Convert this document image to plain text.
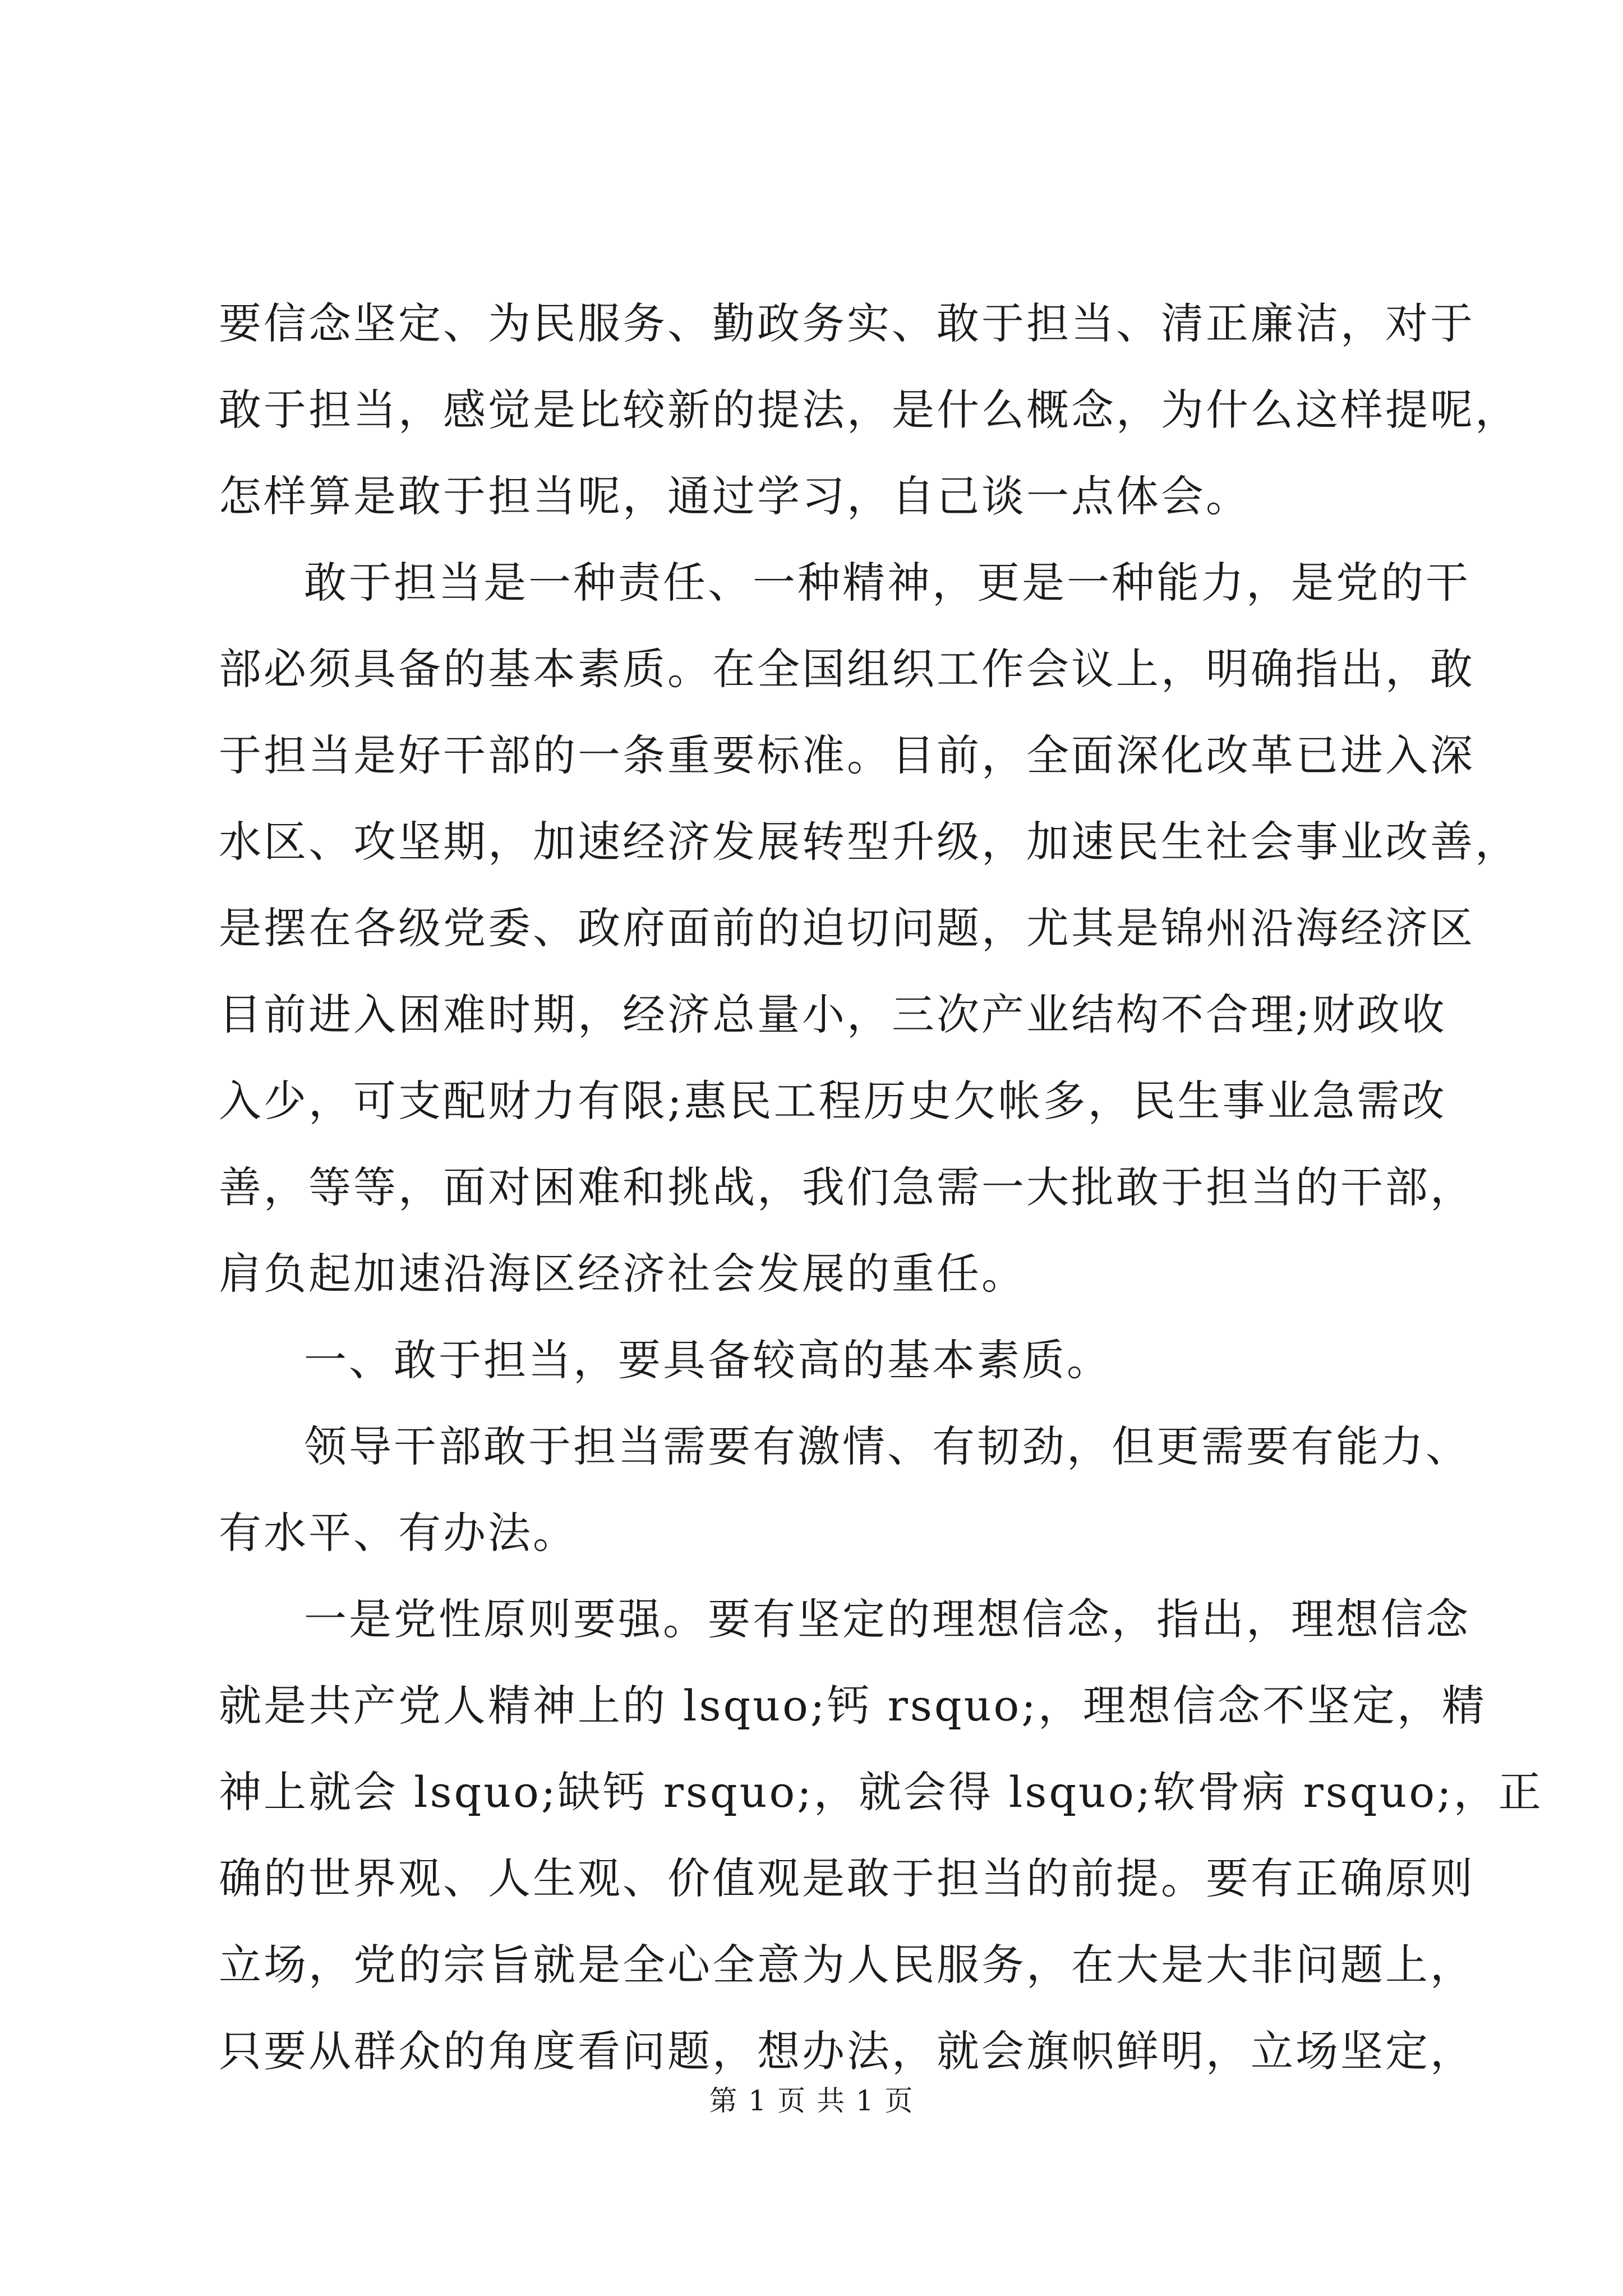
要信念坚定、为民服务、勤政务实、敢于担当、清正廉洁，对于
敢于担当，感觉是比较新的提法，是什么概念，为什么这样提呢，
怎样算是敢于担当呢，通过学习，自己谈一点体会。
敢于担当是一种责任、一种精神，更是一种能力，是党的干
部必须具备的基本素质。在全国组织工作会议上，明确指出，敢
于担当是好干部的一条重要标准。目前，全面深化改革已进入深
水区、攻坚期，加速经济发展转型升级，加速民生社会事业改善，
是摆在各级党委、政府面前的迫切问题，尤其是锦州沿海经济区
目前进入困难时期，经济总量小，三次产业结构不合理;财政收
入少，可支配财力有限;惠民工程历史欠帐多，民生事业急需改
善，等等，面对困难和挑战，我们急需一大批敢于担当的干部，
肩负起加速沿海区经济社会发展的重任。
一、敢于担当，要具备较高的基本素质。
领导干部敢于担当需要有激情、有韧劲，但更需要有能力、
有水平、有办法。
一是党性原则要强。要有坚定的理想信念，指出，理想信念
就是共产党人精神上的 lsquo;钙 rsquo;，理想信念不坚定，精
神上就会 lsquo;缺钙 rsquo;，就会得 lsquo;软骨病 rsquo;，正
确的世界观、人生观、价值观是敢于担当的前提。要有正确原则
立场，党的宗旨就是全心全意为人民服务，在大是大非问题上，
只要从群众的角度看问题，想办法，就会旗帜鲜明，立场坚定，
第 1 页 共 1 页
